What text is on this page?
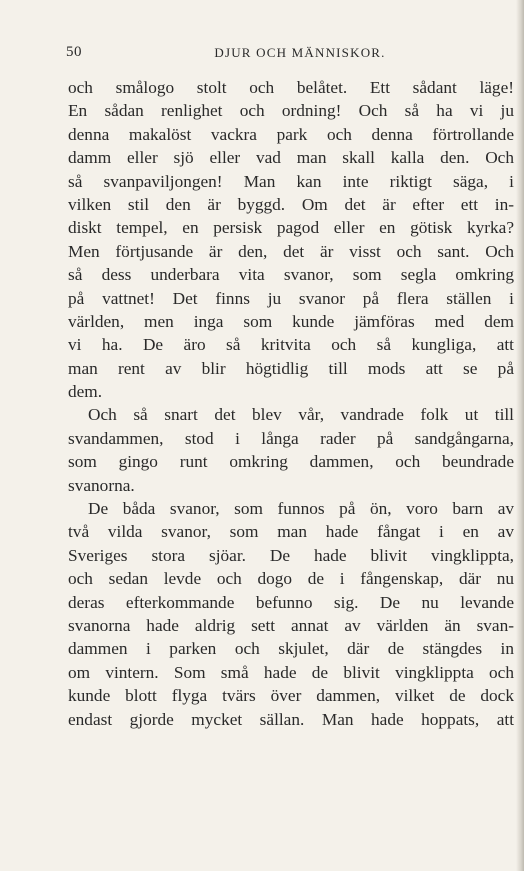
50	DJUR OCH MÄNNISKOR.
och smålogo stolt och belåtet. Ett sådant läge!
En sådan renlighet och ordning! Och så ha vi ju
denna makalöst vackra park och denna förtrollande
damm eller sjö eller vad man skall kalla den. Och
så svanpaviljongen! Man kan inte riktigt säga, i
vilken stil den är byggd. Om det är efter ett in-
diskt tempel, en persisk pagod eller en götisk kyrka?
Men förtjusande är den, det är visst och sant. Och
så dess underbara vita svanor, som segla omkring
på vattnet! Det finns ju svanor på flera ställen i
världen, men inga som kunde jämföras med dem
vi ha. De äro så kritvita och så kungliga, att
man rent av blir högtidlig till mods att se på
dem.
Och så snart det blev vår, vandrade folk ut till
svandammen, stod i långa rader på sandgångarna,
som gingo runt omkring dammen, och beundrade
svanorna.
De båda svanor, som funnos på ön, voro barn av
två vilda svanor, som man hade fångat i en av
Sveriges stora sjöar. De hade blivit vingklippta,
och sedan levde och dogo de i fångenskap, där nu
deras efterkommande befunno sig. De nu levande
svanorna hade aldrig sett annat av världen än svan-
dammen i parken och skjulet, där de stängdes in
om vintern. Som små hade de blivit vingklippta och
kunde blott flyga tvärs över dammen, vilket de dock
endast gjorde mycket sällan. Man hade hoppats, att
